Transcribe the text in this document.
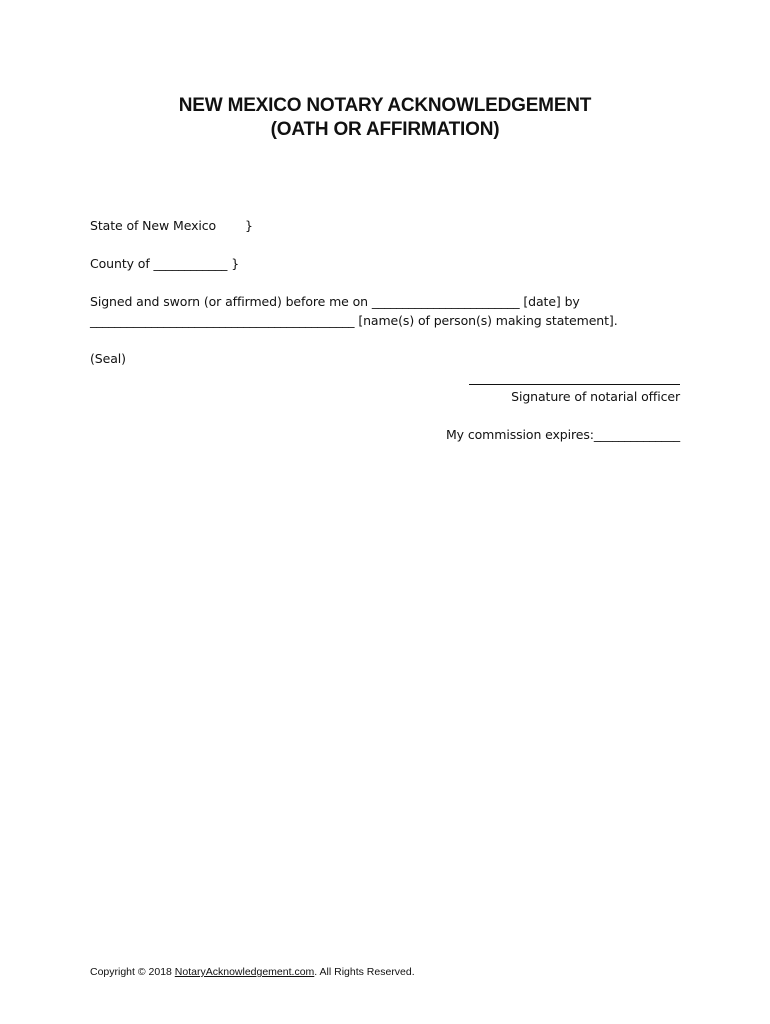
NEW MEXICO NOTARY ACKNOWLEDGEMENT
(OATH OR AFFIRMATION)
State of New Mexico }
County of ____________ }
Signed and sworn (or affirmed) before me on ________________________ [date] by
___________________________________________ [name(s) of person(s) making statement].
(Seal)
Signature of notarial officer
My commission expires:______________
Copyright © 2018 NotaryAcknowledgement.com. All Rights Reserved.
